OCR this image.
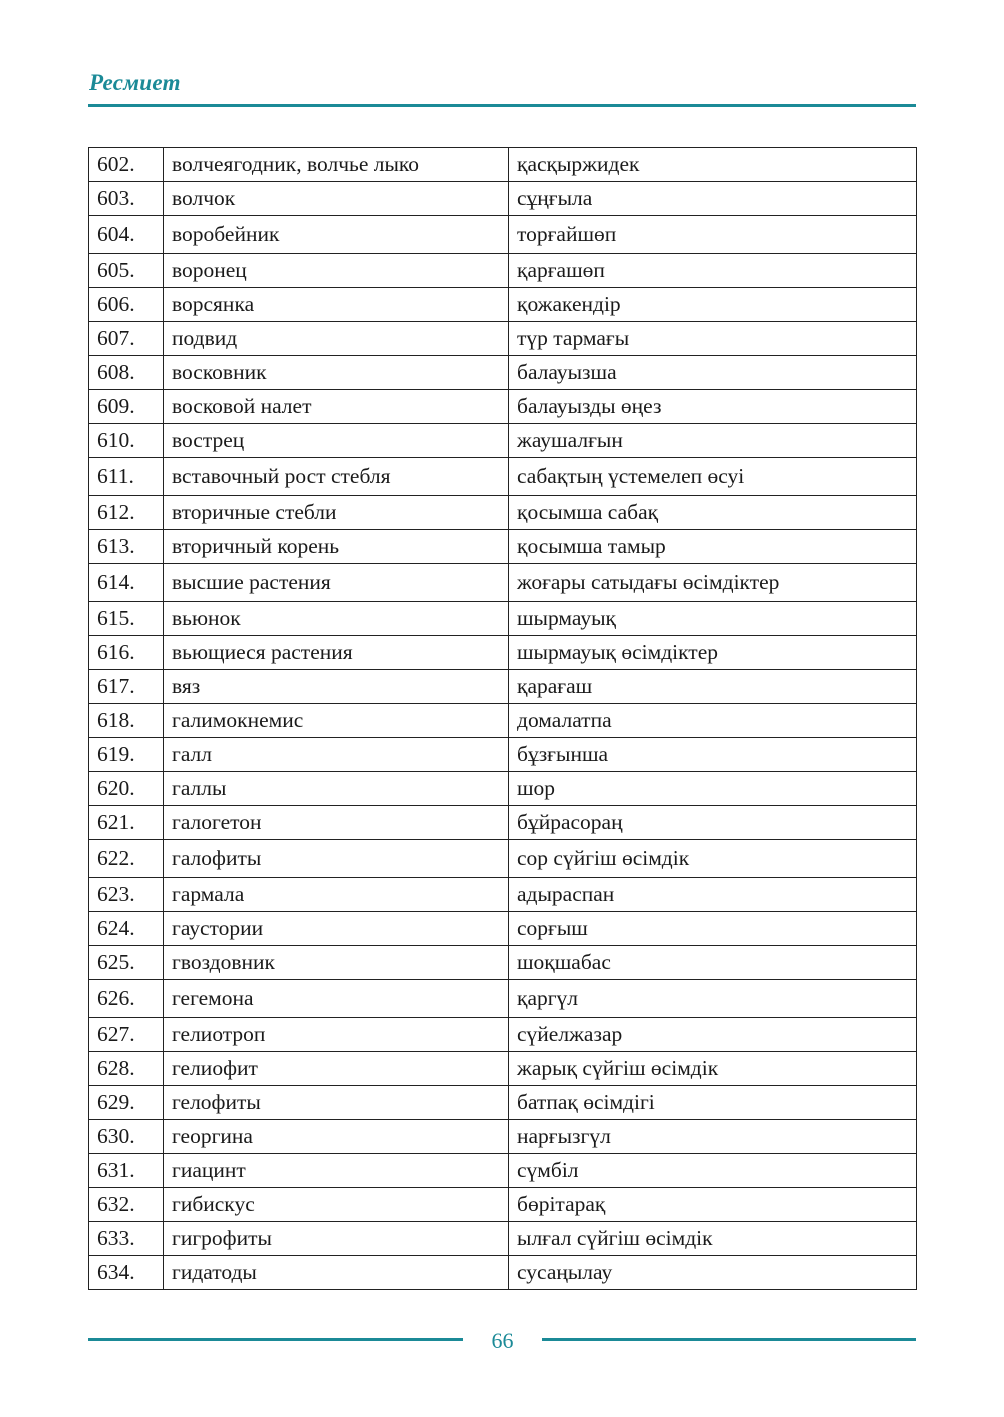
Ресмиет
602.	волчеягодник, волчье лыко	қасқыржидек
603.	волчок	сұңғыла
604.	воробейник	торғайшөп
605.	воронец	қарғашөп
606.	ворсянка	қожакендір
607.	подвид	түр тармағы
608.	восковник	балауызша
609.	восковой налет	балауызды өңез
610.	вострец	жаушалғын
611.	вставочный рост стебля	сабақтың үстемелеп өсуі
612.	вторичные стебли	қосымша сабақ
613.	вторичный корень	қосымша тамыр
614.	высшие растения	жоғары сатыдағы өсімдіктер
615.	вьюнок	шырмауық
616.	вьющиеся растения	шырмауық өсімдіктер
617.	вяз	қарағаш
618.	галимокнемис	домалатпа
619.	галл	бұзғынша
620.	галлы	шор
621.	галогетон	бұйрасораң
622.	галофиты	сор сүйгіш өсімдік
623.	гармала	адыраспан
624.	гаустории	сорғыш
625.	гвоздовник	шоқшабас
626.	гегемона	қаргүл
627.	гелиотроп	сүйелжазар
628.	гелиофит	жарық сүйгіш өсімдік
629.	гелофиты	батпақ өсімдігі
630.	георгина	нарғызгүл
631.	гиацинт	сүмбіл
632.	гибискус	бөрітарақ
633.	гигрофиты	ылғал сүйгіш өсімдік
634.	гидатоды	сусаңылау
66
